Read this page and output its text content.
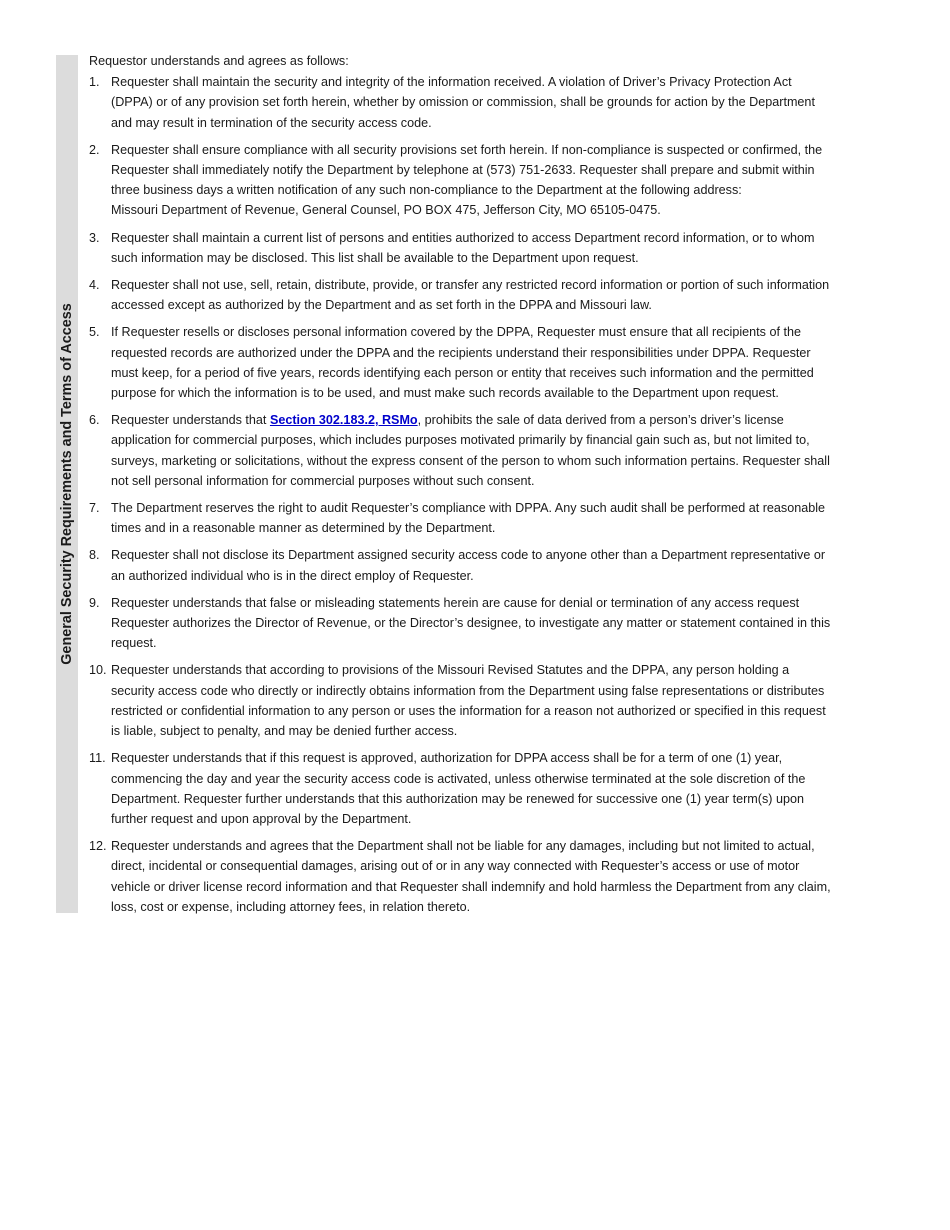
General Security Requirements and Terms of Access
Requestor understands and agrees as follows:
1. Requester shall maintain the security and integrity of the information received. A violation of Driver’s Privacy Protection Act (DPPA) or of any provision set forth herein, whether by omission or commission, shall be grounds for action by the Department and may result in termination of the security access code.
2. Requester shall ensure compliance with all security provisions set forth herein. If non-compliance is suspected or confirmed, the Requester shall immediately notify the Department by telephone at (573) 751-2633. Requester shall prepare and submit within three business days a written notification of any such non-compliance to the Department at the following address:
Missouri Department of Revenue, General Counsel, PO BOX 475, Jefferson City, MO 65105-0475.
3. Requester shall maintain a current list of persons and entities authorized to access Department record information, or to whom such information may be disclosed. This list shall be available to the Department upon request.
4. Requester shall not use, sell, retain, distribute, provide, or transfer any restricted record information or portion of such information accessed except as authorized by the Department and as set forth in the DPPA and Missouri law.
5. If Requester resells or discloses personal information covered by the DPPA, Requester must ensure that all recipients of the requested records are authorized under the DPPA and the recipients understand their responsibilities under DPPA. Requester must keep, for a period of five years, records identifying each person or entity that receives such information and the permitted purpose for which the information is to be used, and must make such records available to the Department upon request.
6. Requester understands that Section 302.183.2, RSMo, prohibits the sale of data derived from a person’s driver’s license application for commercial purposes, which includes purposes motivated primarily by financial gain such as, but not limited to, surveys, marketing or solicitations, without the express consent of the person to whom such information pertains. Requester shall not sell personal information for commercial purposes without such consent.
7. The Department reserves the right to audit Requester’s compliance with DPPA. Any such audit shall be performed at reasonable times and in a reasonable manner as determined by the Department.
8. Requester shall not disclose its Department assigned security access code to anyone other than a Department representative or an authorized individual who is in the direct employ of Requester.
9. Requester understands that false or misleading statements herein are cause for denial or termination of any access request Requester authorizes the Director of Revenue, or the Director’s designee, to investigate any matter or statement contained in this request.
10. Requester understands that according to provisions of the Missouri Revised Statutes and the DPPA, any person holding a security access code who directly or indirectly obtains information from the Department using false representations or distributes restricted or confidential information to any person or uses the information for a reason not authorized or specified in this request is liable, subject to penalty, and may be denied further access.
11. Requester understands that if this request is approved, authorization for DPPA access shall be for a term of one (1) year, commencing the day and year the security access code is activated, unless otherwise terminated at the sole discretion of the Department. Requester further understands that this authorization may be renewed for successive one (1) year term(s) upon further request and upon approval by the Department.
12. Requester understands and agrees that the Department shall not be liable for any damages, including but not limited to actual, direct, incidental or consequential damages, arising out of or in any way connected with Requester’s access or use of motor vehicle or driver license record information and that Requester shall indemnify and hold harmless the Department from any claim, loss, cost or expense, including attorney fees, in relation thereto.
